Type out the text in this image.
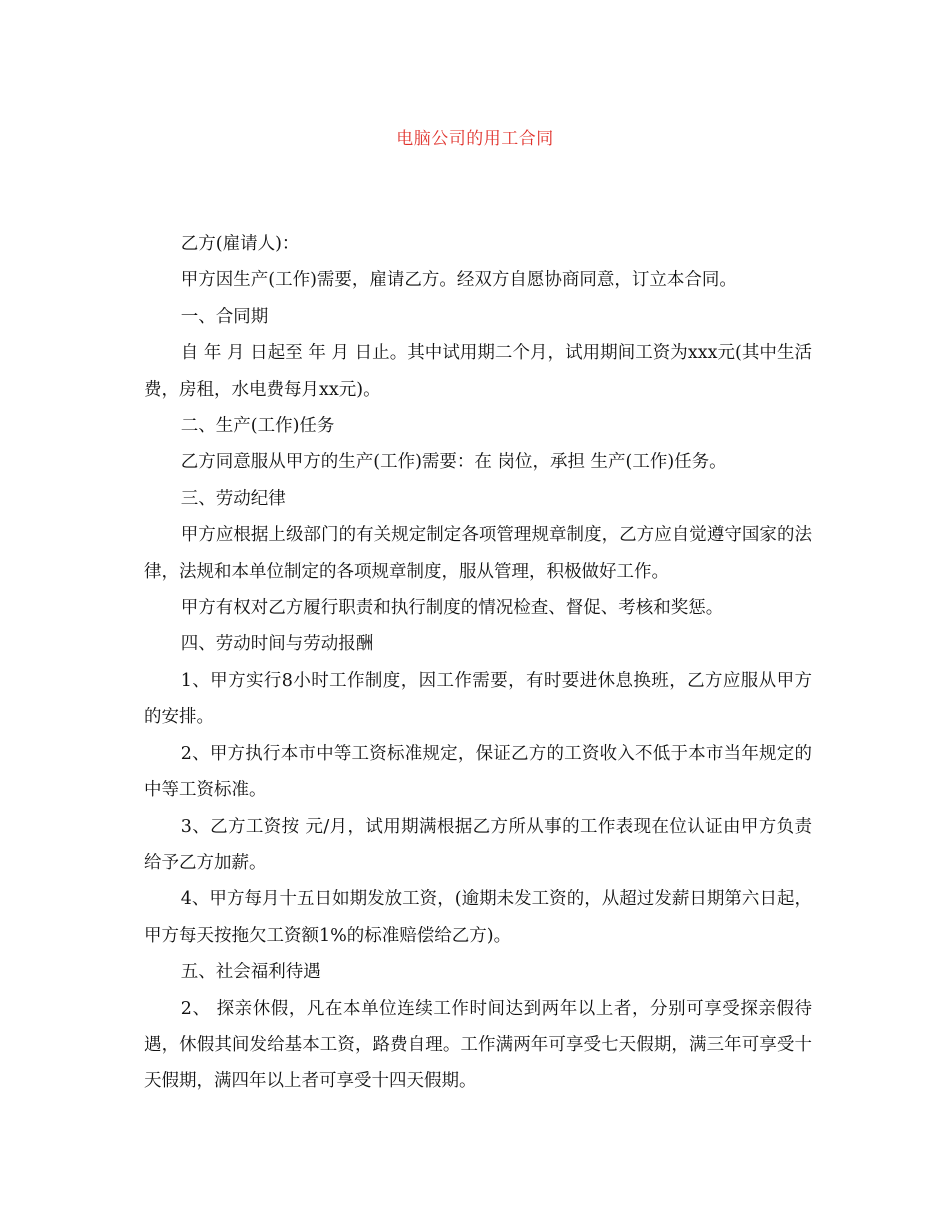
电脑公司的用工合同

乙方(雇请人)：

甲方因生产(工作)需要，雇请乙方。经双方自愿协商同意，订立本合同。

一、合同期

自 年 月 日起至 年 月 日止。其中试用期二个月，试用期间工资为xxx元(其中生活费，房租，水电费每月xx元)。

二、生产(工作)任务

乙方同意服从甲方的生产(工作)需要：在 岗位，承担 生产(工作)任务。

三、劳动纪律

甲方应根据上级部门的有关规定制定各项管理规章制度，乙方应自觉遵守国家的法律，法规和本单位制定的各项规章制度，服从管理，积极做好工作。

甲方有权对乙方履行职责和执行制度的情况检查、督促、考核和奖惩。

四、劳动时间与劳动报酬

1、甲方实行8小时工作制度，因工作需要，有时要进休息换班，乙方应服从甲方的安排。

2、甲方执行本市中等工资标准规定，保证乙方的工资收入不低于本市当年规定的中等工资标准。

3、乙方工资按 元/月，试用期满根据乙方所从事的工作表现在位认证由甲方负责给予乙方加薪。

4、甲方每月十五日如期发放工资，(逾期未发工资的，从超过发薪日期第六日起，甲方每天按拖欠工资额1%的标准赔偿给乙方)。

五、社会福利待遇

2、 探亲休假，凡在本单位连续工作时间达到两年以上者，分别可享受探亲假待遇，休假其间发给基本工资，路费自理。工作满两年可享受七天假期，满三年可享受十天假期，满四年以上者可享受十四天假期。
